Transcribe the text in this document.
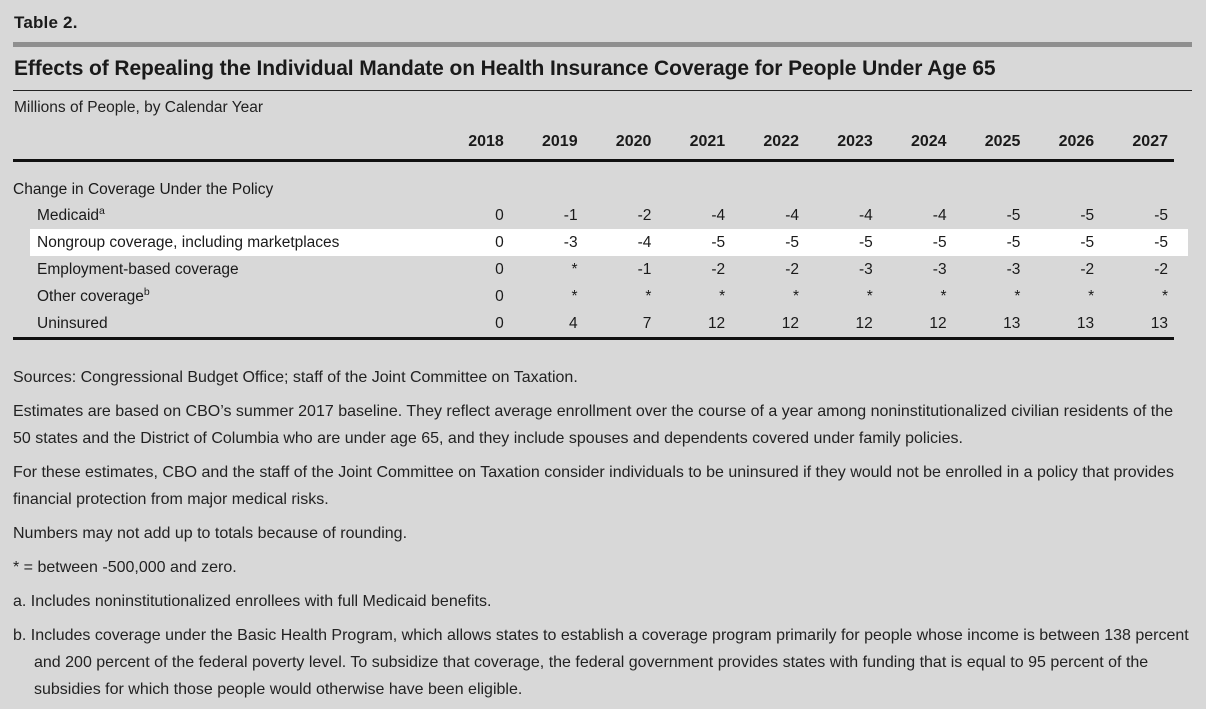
Table 2.
Effects of Repealing the Individual Mandate on Health Insurance Coverage for People Under Age 65
Millions of People, by Calendar Year
	2018	2019	2020	2021	2022	2023	2024	2025	2026	2027
Change in Coverage Under the Policy										
Medicaid$^a$	0	-1	-2	-4	-4	-4	-4	-5	-5	-5
Nongroup coverage, including marketplaces	0	-3	-4	-5	-5	-5	-5	-5	-5	-5
Employment-based coverage	0	*	-1	-2	-2	-3	-3	-3	-2	-2
Other coverage$^b$	0	*	*	*	*	*	*	*	*	*
Uninsured	0	4	7	12	12	12	12	13	13	13

Sources: Congressional Budget Office; staff of the Joint Committee on Taxation.

Estimates are based on CBO’s summer 2017 baseline. They reflect average enrollment over the course of a year among noninstitutionalized civilian residents of the 50 states and the District of Columbia who are under age 65, and they include spouses and dependents covered under family policies.

For these estimates, CBO and the staff of the Joint Committee on Taxation consider individuals to be uninsured if they would not be enrolled in a policy that provides financial protection from major medical risks.

Numbers may not add up to totals because of rounding.

* = between -500,000 and zero.

a. Includes noninstitutionalized enrollees with full Medicaid benefits.

b. Includes coverage under the Basic Health Program, which allows states to establish a coverage program primarily for people whose income is between 138 percent and 200 percent of the federal poverty level. To subsidize that coverage, the federal government provides states with funding that is equal to 95 percent of the subsidies for which those people would otherwise have been eligible.
